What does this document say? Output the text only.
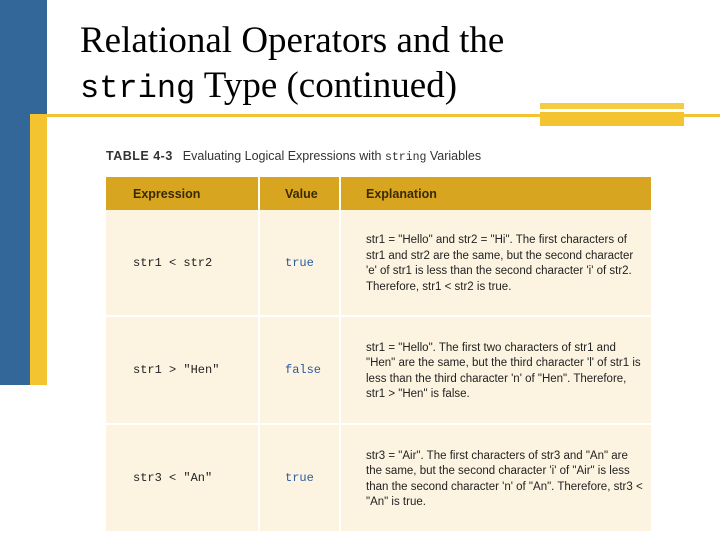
Relational Operators and the
string Type (continued)
TABLE 4-3 Evaluating Logical Expressions with string Variables
Expression	Value	Explanation
str1 < str2	true	str1 = "Hello" and str2 = "Hi". The first characters of str1 and str2 are the same, but the second character 'e' of str1 is less than the second character 'i' of str2. Therefore, str1 < str2 is true.
str1 > "Hen"	false	str1 = "Hello". The first two characters of str1 and "Hen" are the same, but the third character 'l' of str1 is less than the third character 'n' of "Hen". Therefore, str1 > "Hen" is false.
str3 < "An"	true	str3 = "Air". The first characters of str3 and "An" are the same, but the second character 'i' of "Air" is less than the second character 'n' of "An". Therefore, str3 < "An" is true.
